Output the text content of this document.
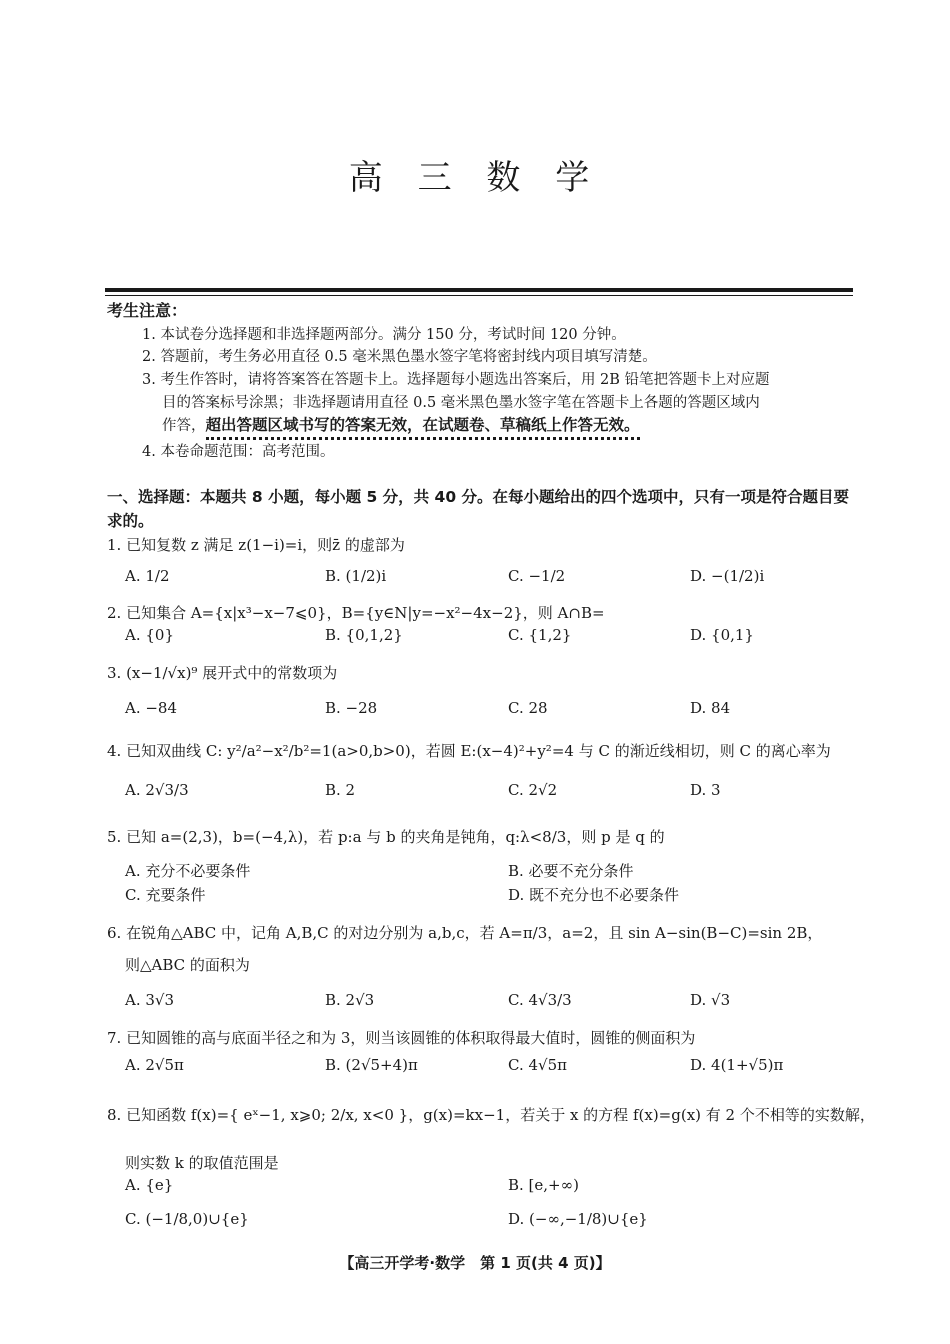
高 三 数 学
考生注意：
1. 本试卷分选择题和非选择题两部分。满分 150 分，考试时间 120 分钟。
2. 答题前，考生务必用直径 0.5 毫米黑色墨水签字笔将密封线内项目填写清楚。
3. 考生作答时，请将答案答在答题卡上。选择题每小题选出答案后，用 2B 铅笔把答题卡上对应题
目的答案标号涂黑；非选择题请用直径 0.5 毫米黑色墨水签字笔在答题卡上各题的答题区域内
作答，超出答题区域书写的答案无效，在试题卷、草稿纸上作答无效。
4. 本卷命题范围：高考范围。
一、选择题：本题共 8 小题，每小题 5 分，共 40 分。在每小题给出的四个选项中，只有一项是符合题目要
求的。
1. 已知复数 z 满足 z(1−i)=i，则z̄ 的虚部为
A. 1/2	B. (1/2)i	C. −1/2	D. −(1/2)i
2. 已知集合 A={x|x³−x−7⩽0}，B={y∈N|y=−x²−4x−2}，则 A∩B=
A. {0}	B. {0,1,2}	C. {1,2}	D. {0,1}
3. (x−1/√x)⁹ 展开式中的常数项为
A. −84	B. −28	C. 28	D. 84
4. 已知双曲线 C: y²/a²−x²/b²=1(a>0,b>0)，若圆 E:(x−4)²+y²=4 与 C 的渐近线相切，则 C 的离心率为
A. 2√3/3	B. 2	C. 2√2	D. 3
5. 已知 a=(2,3)，b=(−4,λ)，若 p:a 与 b 的夹角是钝角，q:λ<8/3，则 p 是 q 的
A. 充分不必要条件	B. 必要不充分条件
C. 充要条件	D. 既不充分也不必要条件
6. 在锐角△ABC 中，记角 A,B,C 的对边分别为 a,b,c，若 A=π/3，a=2，且 sin A−sin(B−C)=sin 2B，
则△ABC 的面积为
A. 3√3	B. 2√3	C. 4√3/3	D. √3
7. 已知圆锥的高与底面半径之和为 3，则当该圆锥的体积取得最大值时，圆锥的侧面积为
A. 2√5π	B. (2√5+4)π	C. 4√5π	D. 4(1+√5)π
8. 已知函数 f(x)={ eˣ−1, x⩾0; 2/x, x<0 }，g(x)=kx−1，若关于 x 的方程 f(x)=g(x) 有 2 个不相等的实数解，
则实数 k 的取值范围是
A. {e}	B. [e,+∞)
C. (−1/8,0)∪{e}	D. (−∞,−1/8)∪{e}
【高三开学考·数学　第 1 页(共 4 页)】
